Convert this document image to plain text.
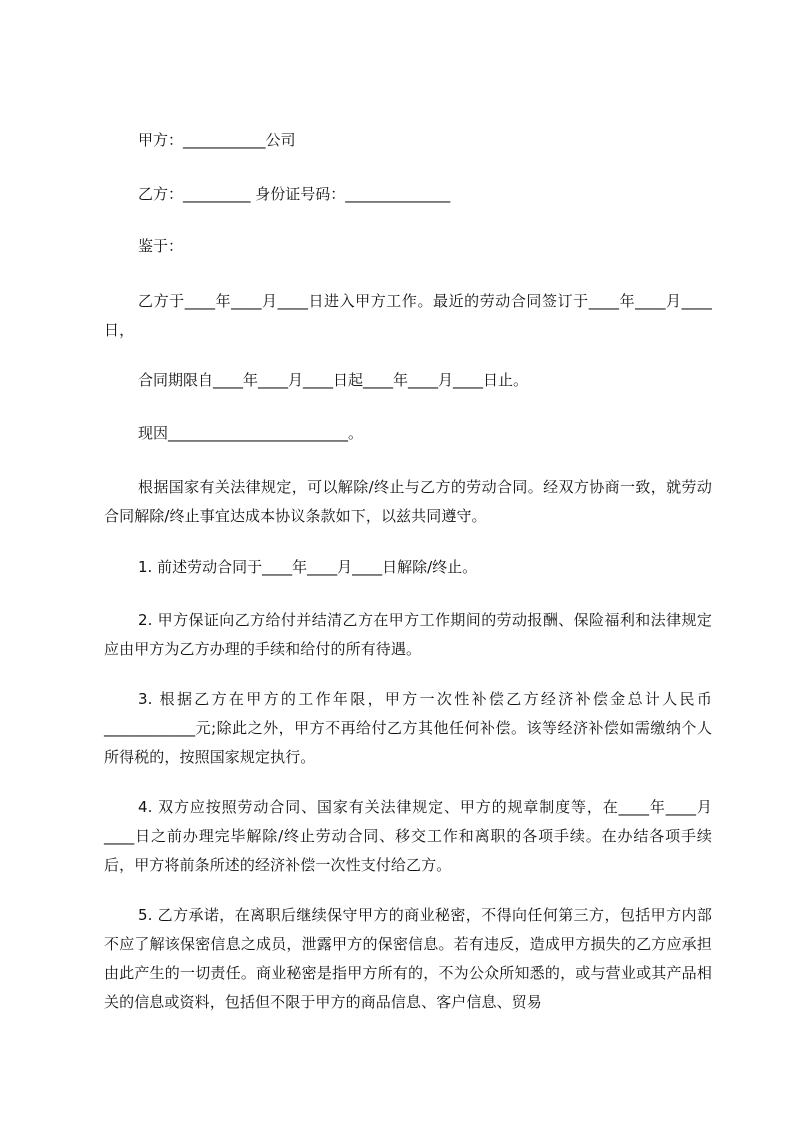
甲方：___________公司
乙方：_________ 身份证号码：______________
鉴于：
乙方于____年____月____日进入甲方工作。最近的劳动合同签订于____年____月____日，
合同期限自____年____月____日起____年____月____日止。
现因________________________。
根据国家有关法律规定，可以解除/终止与乙方的劳动合同。经双方协商一致，就劳动合同解除/终止事宜达成本协议条款如下，以兹共同遵守。
1. 前述劳动合同于____年____月____日解除/终止。
2. 甲方保证向乙方给付并结清乙方在甲方工作期间的劳动报酬、保险福利和法律规定应由甲方为乙方办理的手续和给付的所有待遇。
3. 根据乙方在甲方的工作年限，甲方一次性补偿乙方经济补偿金总计人民币____________元;除此之外，甲方不再给付乙方其他任何补偿。该等经济补偿如需缴纳个人所得税的，按照国家规定执行。
4. 双方应按照劳动合同、国家有关法律规定、甲方的规章制度等，在____年____月____日之前办理完毕解除/终止劳动合同、移交工作和离职的各项手续。在办结各项手续后，甲方将前条所述的经济补偿一次性支付给乙方。
5. 乙方承诺，在离职后继续保守甲方的商业秘密，不得向任何第三方，包括甲方内部不应了解该保密信息之成员，泄露甲方的保密信息。若有违反，造成甲方损失的乙方应承担由此产生的一切责任。商业秘密是指甲方所有的，不为公众所知悉的，或与营业或其产品相关的信息或资料，包括但不限于甲方的商品信息、客户信息、贸易
